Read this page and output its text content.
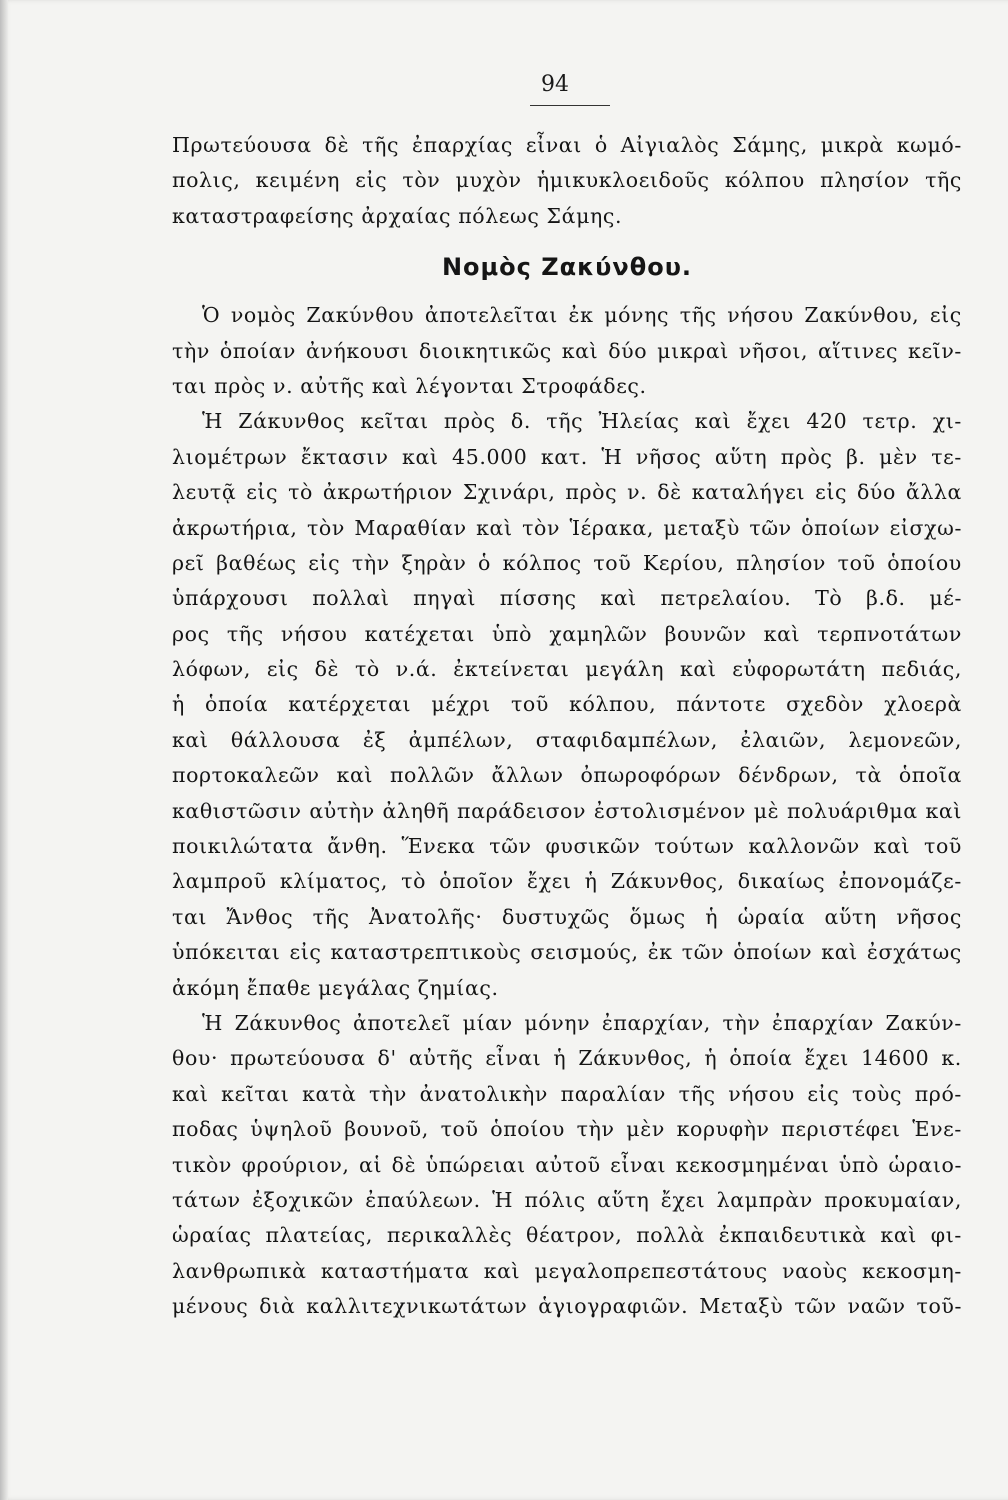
94
Πρωτεύουσα δὲ τῆς ἐπαρχίας εἶναι ὁ Αἰγιαλὸς Σάμης, μικρὰ κωμό-
πολις, κειμένη εἰς τὸν μυχὸν ἡμικυκλοειδοῦς κόλπου πλησίον τῆς
καταστραφείσης ἀρχαίας πόλεως Σάμης.
Νομὸς Ζακύνθου.
Ὁ νομὸς Ζακύνθου ἀποτελεῖται ἐκ μόνης τῆς νήσου Ζακύνθου, εἰς
τὴν ὁποίαν ἀνήκουσι διοικητικῶς καὶ δύο μικραὶ νῆσοι, αἵτινες κεῖν-
ται πρὸς ν. αὐτῆς καὶ λέγονται Στροφάδες.
Ἡ Ζάκυνθος κεῖται πρὸς δ. τῆς Ἠλείας καὶ ἔχει 420 τετρ. χι-
λιομέτρων ἔκτασιν καὶ 45.000 κατ. Ἡ νῆσος αὕτη πρὸς β. μὲν τε-
λευτᾷ εἰς τὸ ἀκρωτήριον Σχινάρι, πρὸς ν. δὲ καταλήγει εἰς δύο ἄλλα
ἀκρωτήρια, τὸν Μαραθίαν καὶ τὸν Ἱέρακα, μεταξὺ τῶν ὁποίων εἰσχω-
ρεῖ βαθέως εἰς τὴν ξηρὰν ὁ κόλπος τοῦ Κερίου, πλησίον τοῦ ὁποίου
ὑπάρχουσι πολλαὶ πηγαὶ πίσσης καὶ πετρελαίου. Τὸ β.δ. μέ-
ρος τῆς νήσου κατέχεται ὑπὸ χαμηλῶν βουνῶν καὶ τερπνοτάτων
λόφων, εἰς δὲ τὸ ν.ά. ἐκτείνεται μεγάλη καὶ εὐφορωτάτη πεδιάς,
ἡ ὁποία κατέρχεται μέχρι τοῦ κόλπου, πάντοτε σχεδὸν χλοερὰ
καὶ θάλλουσα ἐξ ἀμπέλων, σταφιδαμπέλων, ἐλαιῶν, λεμονεῶν,
πορτοκαλεῶν καὶ πολλῶν ἄλλων ὀπωροφόρων δένδρων, τὰ ὁποῖα
καθιστῶσιν αὐτὴν ἀληθῆ παράδεισον ἐστολισμένον μὲ πολυάριθμα καὶ
ποικιλώτατα ἄνθη. Ἕνεκα τῶν φυσικῶν τούτων καλλονῶν καὶ τοῦ
λαμπροῦ κλίματος, τὸ ὁποῖον ἔχει ἡ Ζάκυνθος, δικαίως ἐπονομάζε-
ται Ἄνθος τῆς Ἀνατολῆς· δυστυχῶς ὅμως ἡ ὡραία αὕτη νῆσος
ὑπόκειται εἰς καταστρεπτικοὺς σεισμούς, ἐκ τῶν ὁποίων καὶ ἐσχάτως
ἀκόμη ἔπαθε μεγάλας ζημίας.
Ἡ Ζάκυνθος ἀποτελεῖ μίαν μόνην ἐπαρχίαν, τὴν ἐπαρχίαν Ζακύν-
θου· πρωτεύουσα δ' αὐτῆς εἶναι ἡ Ζάκυνθος, ἡ ὁποία ἔχει 14600 κ.
καὶ κεῖται κατὰ τὴν ἀνατολικὴν παραλίαν τῆς νήσου εἰς τοὺς πρό-
ποδας ὑψηλοῦ βουνοῦ, τοῦ ὁποίου τὴν μὲν κορυφὴν περιστέφει Ἑνε-
τικὸν φρούριον, αἱ δὲ ὑπώρειαι αὐτοῦ εἶναι κεκοσμημέναι ὑπὸ ὡραιο-
τάτων ἐξοχικῶν ἐπαύλεων. Ἡ πόλις αὕτη ἔχει λαμπρὰν προκυμαίαν,
ὡραίας πλατείας, περικαλλὲς θέατρον, πολλὰ ἐκπαιδευτικὰ καὶ φι-
λανθρωπικὰ καταστήματα καὶ μεγαλοπρεπεστάτους ναοὺς κεκοσμη-
μένους διὰ καλλιτεχνικωτάτων ἁγιογραφιῶν. Μεταξὺ τῶν ναῶν τοῦ-
